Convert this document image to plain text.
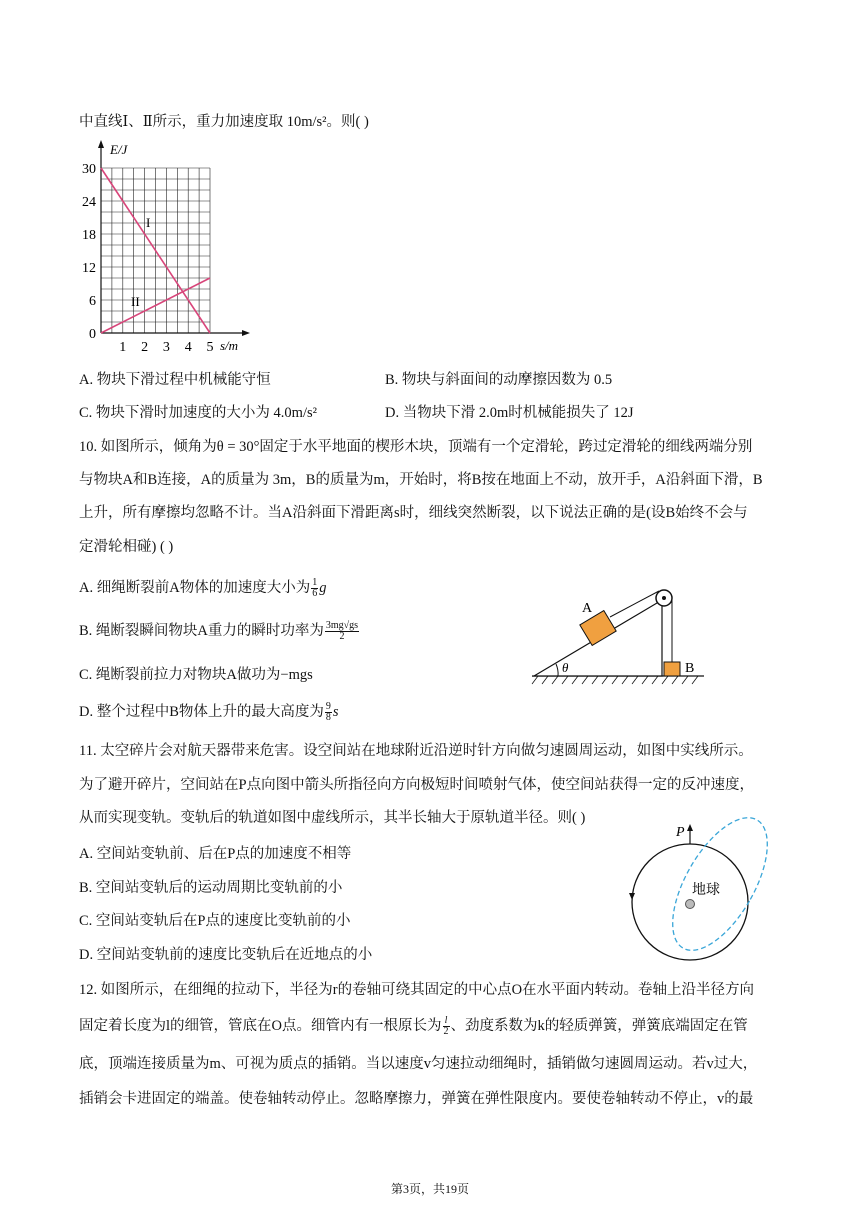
中直线Ⅰ、Ⅱ所示，重力加速度取 10m/s²。则( )
0
6
12
18
24
30
1 2 3 4 5
E/J
s/m
I
II
A. 物块下滑过程中机械能守恒	B. 物块与斜面间的动摩擦因数为 0.5
C. 物块下滑时加速度的大小为 4.0m/s²	D. 当物块下滑 2.0m时机械能损失了 12J
10. 如图所示，倾角为θ = 30°固定于水平地面的楔形木块，顶端有一个定滑轮，跨过定滑轮的细线两端分别
与物块A和B连接，A的质量为 3m，B的质量为m，开始时，将B按在地面上不动，放开手，A沿斜面下滑，B
上升，所有摩擦均忽略不计。当A沿斜面下滑距离s时，细线突然断裂，以下说法正确的是(设B始终不会与
定滑轮相碰) ( )
A. 细绳断裂前A物体的加速度大小为 $\frac{1}{6}$ g
B. 绳断裂瞬间物块A重力的瞬时功率为 $\frac{3mg√gs}{2}$
C. 绳断裂前拉力对物块A做功为−mgs
D. 整个过程中B物体上升的最大高度为 $\frac{9}{8}$ s
A
B
θ
11. 太空碎片会对航天器带来危害。设空间站在地球附近沿逆时针方向做匀速圆周运动，如图中实线所示。
为了避开碎片，空间站在P点向图中箭头所指径向方向极短时间喷射气体，使空间站获得一定的反冲速度，
从而实现变轨。变轨后的轨道如图中虚线所示，其半长轴大于原轨道半径。则( )
A. 空间站变轨前、后在P点的加速度不相等
B. 空间站变轨后的运动周期比变轨前的小
C. 空间站变轨后在P点的速度比变轨前的小
D. 空间站变轨前的速度比变轨后在近地点的小
P
地球
12. 如图所示，在细绳的拉动下，半径为r的卷轴可绕其固定的中心点O在水平面内转动。卷轴上沿半径方向
固定着长度为l的细管，管底在O点。细管内有一根原长为 $\frac{l}{2}$ 、劲度系数为k的轻质弹簧，弹簧底端固定在管
底，顶端连接质量为m、可视为质点的插销。当以速度v匀速拉动细绳时，插销做匀速圆周运动。若v过大，
插销会卡进固定的端盖。使卷轴转动停止。忽略摩擦力，弹簧在弹性限度内。要使卷轴转动不停止，v的最
第3页，共19页
